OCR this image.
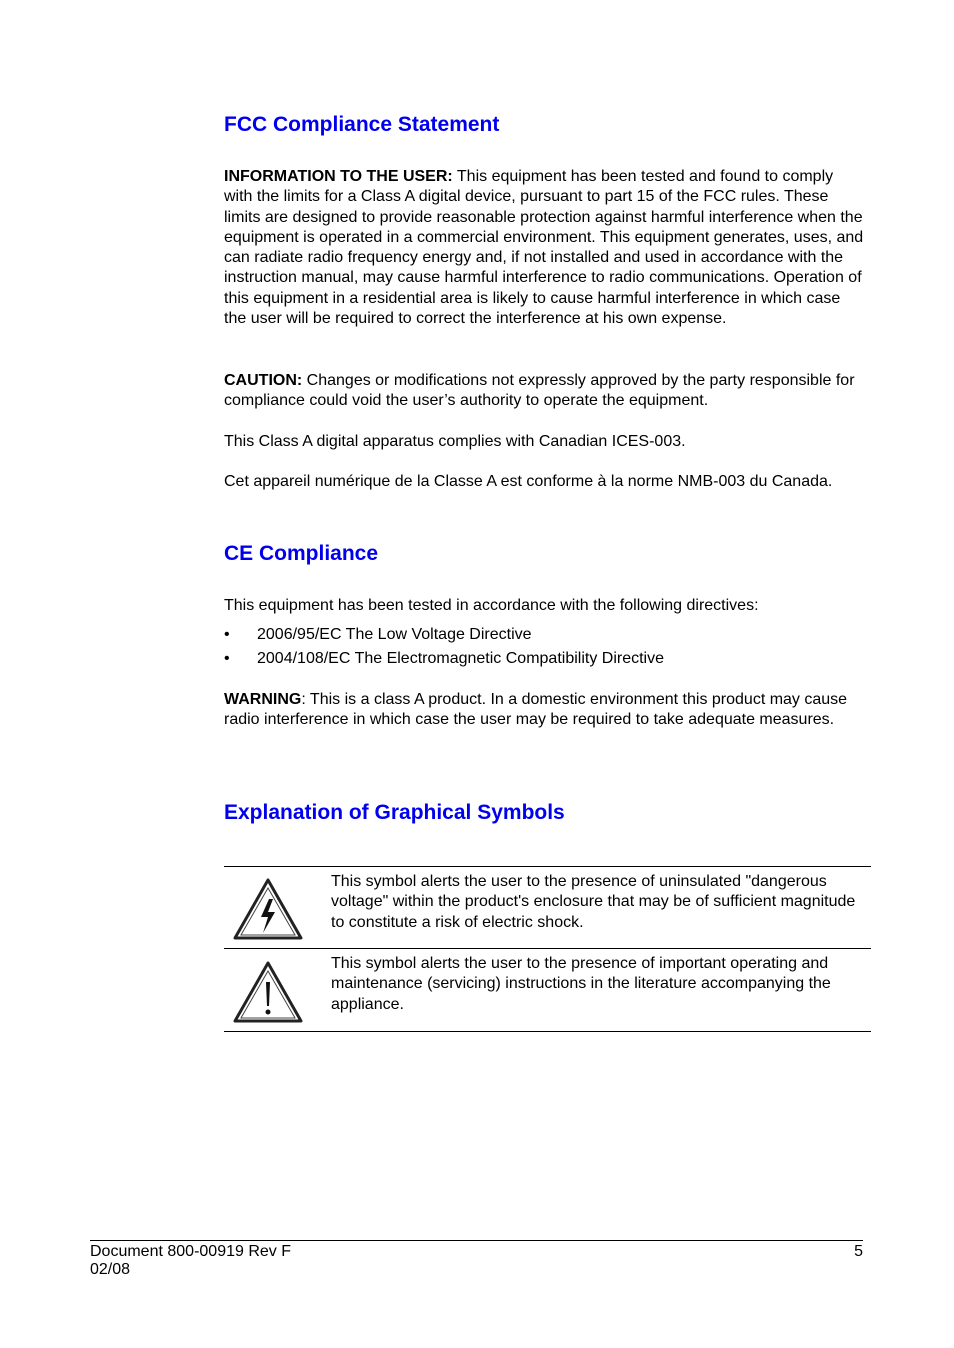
FCC Compliance Statement

INFORMATION TO THE USER: This equipment has been tested and found to comply with the limits for a Class A digital device, pursuant to part 15 of the FCC rules. These limits are designed to provide reasonable protection against harmful interference when the equipment is operated in a commercial environment. This equipment generates, uses, and can radiate radio frequency energy and, if not installed and used in accordance with the instruction manual, may cause harmful interference to radio communications. Operation of this equipment in a residential area is likely to cause harmful interference in which case the user will be required to correct the interference at his own expense.

CAUTION: Changes or modifications not expressly approved by the party responsible for compliance could void the user’s authority to operate the equipment.

This Class A digital apparatus complies with Canadian ICES-003.

Cet appareil numérique de la Classe A est conforme à la norme NMB-003 du Canada.

CE Compliance

This equipment has been tested in accordance with the following directives:

• 2006/95/EC The Low Voltage Directive
• 2004/108/EC The Electromagnetic Compatibility Directive

WARNING: This is a class A product. In a domestic environment this product may cause radio interference in which case the user may be required to take adequate measures.

Explanation of Graphical Symbols
This symbol alerts the user to the presence of uninsulated "dangerous voltage" within the product's enclosure that may be of sufficient magnitude to constitute a risk of electric shock.
This symbol alerts the user to the presence of important operating and maintenance (servicing) instructions in the literature accompanying the appliance.
Document 800-00919 Rev F
02/08
5
